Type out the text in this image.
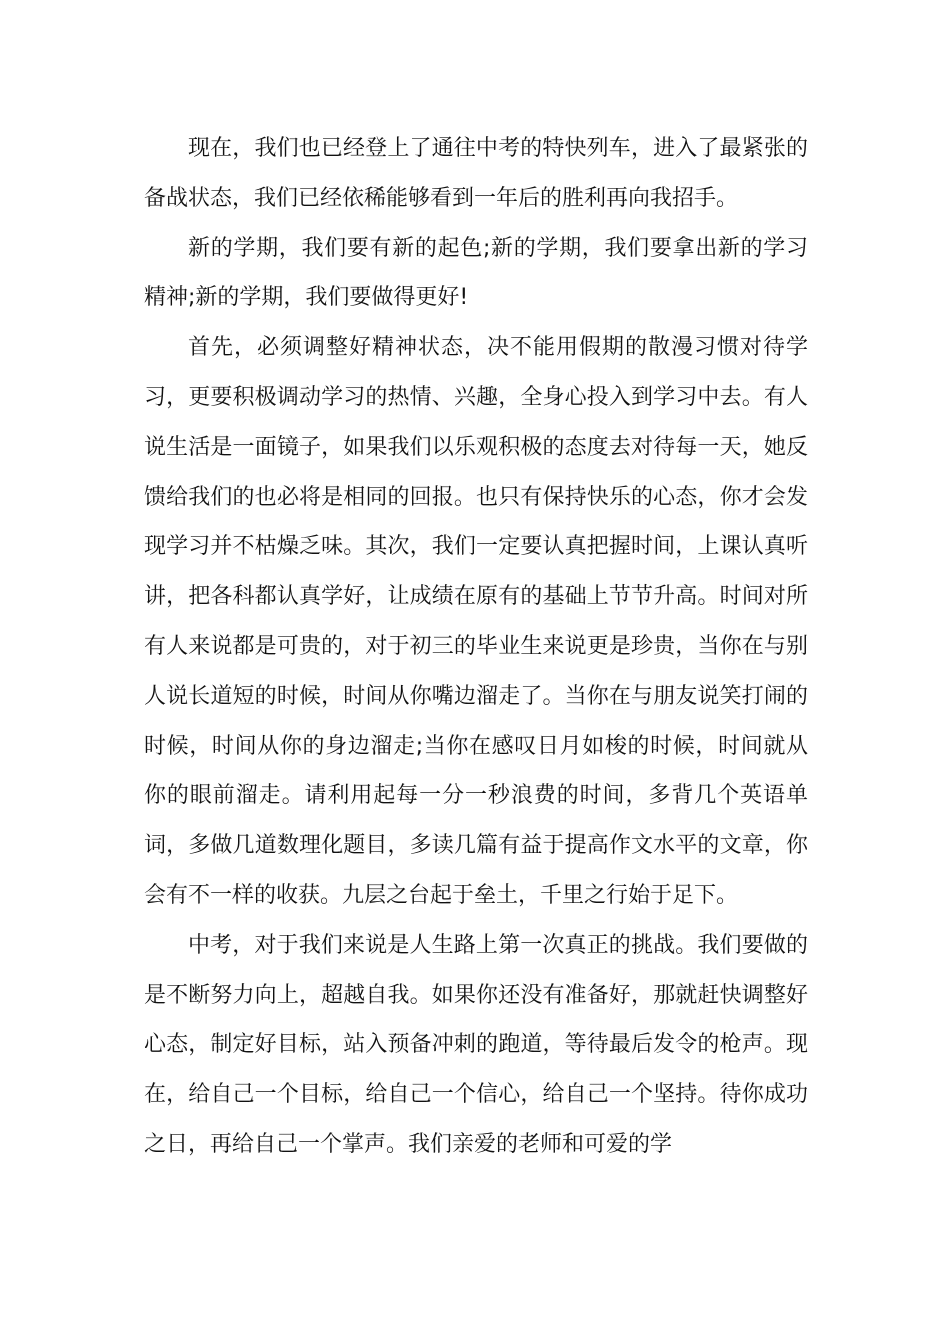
现在，我们也已经登上了通往中考的特快列车，进入了最紧张的备战状态，我们已经依稀能够看到一年后的胜利再向我招手。

新的学期，我们要有新的起色;新的学期，我们要拿出新的学习精神;新的学期，我们要做得更好!

首先，必须调整好精神状态，决不能用假期的散漫习惯对待学习，更要积极调动学习的热情、兴趣，全身心投入到学习中去。有人说生活是一面镜子，如果我们以乐观积极的态度去对待每一天，她反馈给我们的也必将是相同的回报。也只有保持快乐的心态，你才会发现学习并不枯燥乏味。其次，我们一定要认真把握时间，上课认真听讲，把各科都认真学好，让成绩在原有的基础上节节升高。时间对所有人来说都是可贵的，对于初三的毕业生来说更是珍贵，当你在与别人说长道短的时候，时间从你嘴边溜走了。当你在与朋友说笑打闹的时候，时间从你的身边溜走;当你在感叹日月如梭的时候，时间就从你的眼前溜走。请利用起每一分一秒浪费的时间，多背几个英语单词，多做几道数理化题目，多读几篇有益于提高作文水平的文章，你会有不一样的收获。九层之台起于垒土，千里之行始于足下。

中考，对于我们来说是人生路上第一次真正的挑战。我们要做的是不断努力向上，超越自我。如果你还没有准备好，那就赶快调整好心态，制定好目标，站入预备冲刺的跑道，等待最后发令的枪声。现在，给自己一个目标，给自己一个信心，给自己一个坚持。待你成功之日，再给自己一个掌声。我们亲爱的老师和可爱的学
